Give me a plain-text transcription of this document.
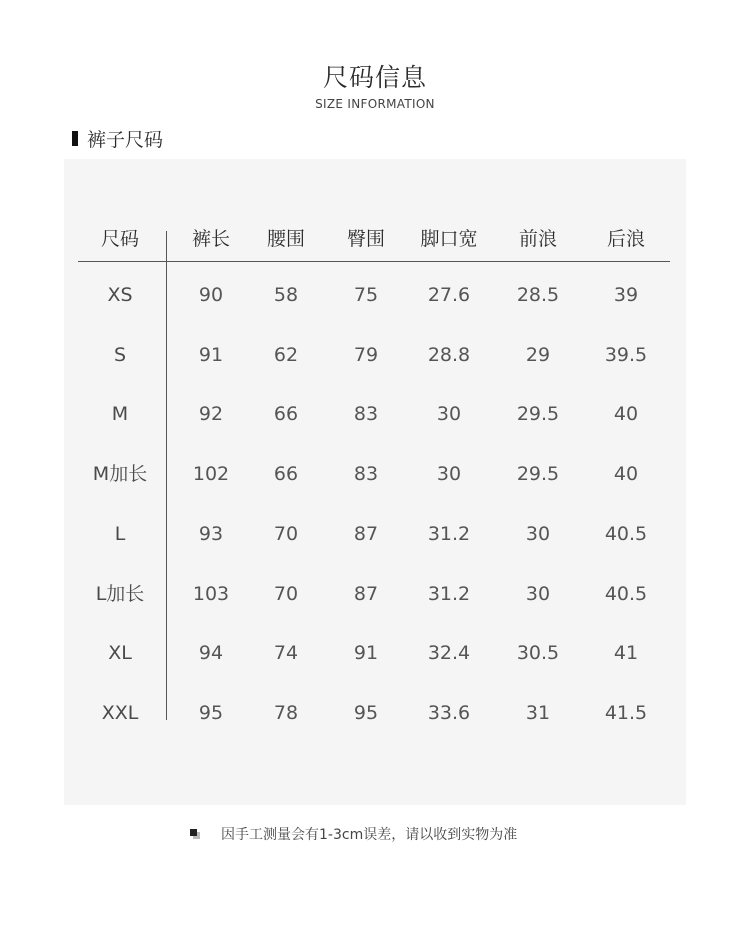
尺码信息
SIZE INFORMATION
裤子尺码
尺码	裤长	腰围	臀围	脚口宽	前浪	后浪
XS	90	58	75	27.6	28.5	39
S	91	62	79	28.8	29	39.5
M	92	66	83	30	29.5	40
M加长	102	66	83	30	29.5	40
L	93	70	87	31.2	30	40.5
L加长	103	70	87	31.2	30	40.5
XL	94	74	91	32.4	30.5	41
XXL	95	78	95	33.6	31	41.5
因手工测量会有1-3cm误差，请以收到实物为准
